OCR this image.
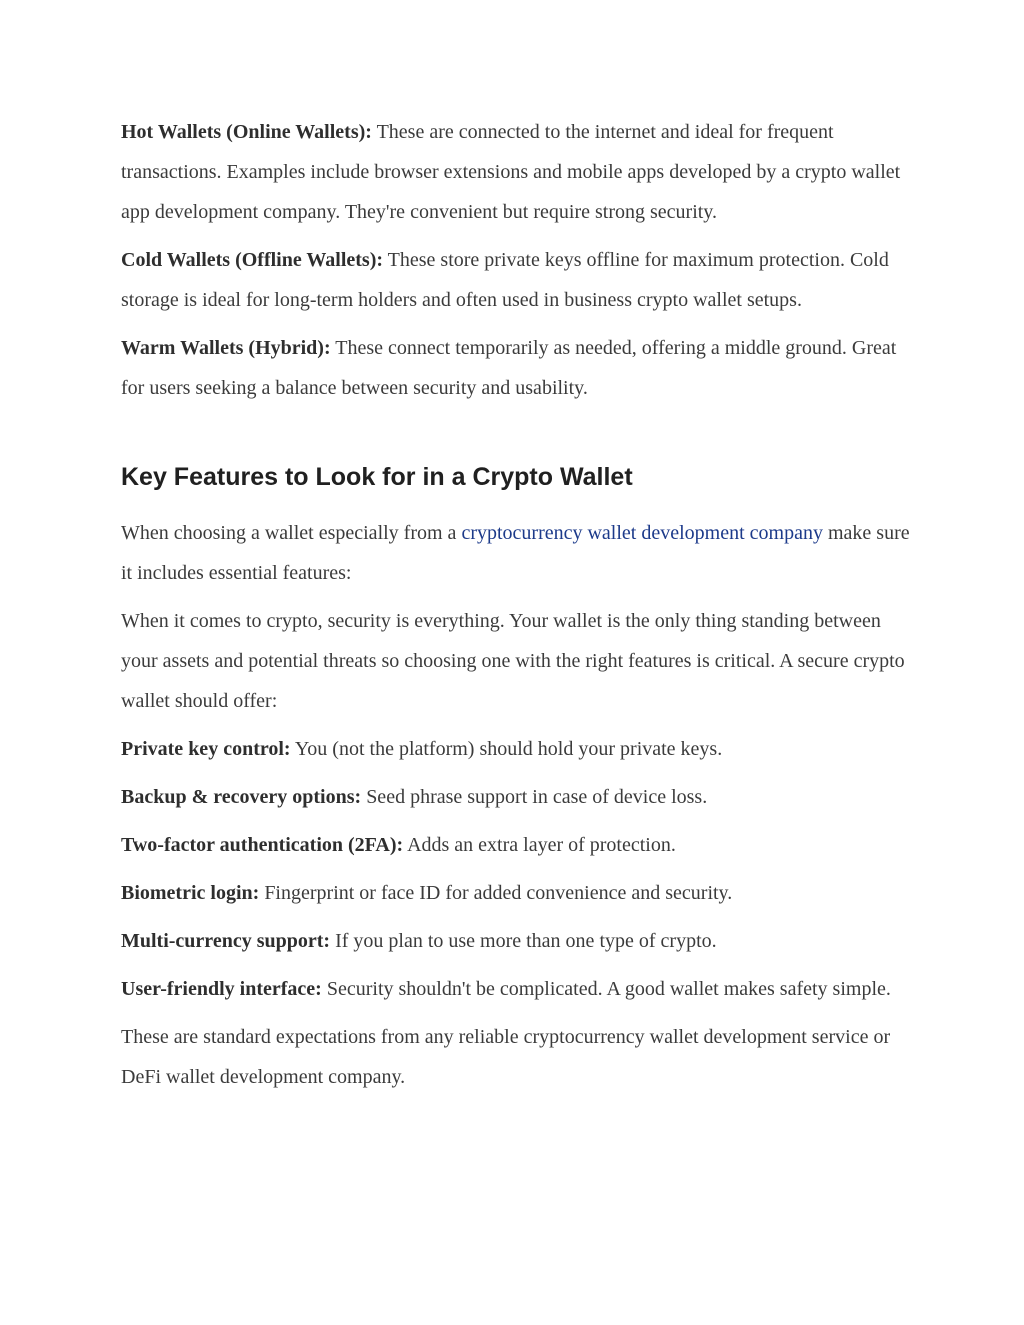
Hot Wallets (Online Wallets): These are connected to the internet and ideal for frequent transactions. Examples include browser extensions and mobile apps developed by a crypto wallet app development company. They're convenient but require strong security.

Cold Wallets (Offline Wallets): These store private keys offline for maximum protection. Cold storage is ideal for long-term holders and often used in business crypto wallet setups.

Warm Wallets (Hybrid): These connect temporarily as needed, offering a middle ground. Great for users seeking a balance between security and usability.

Key Features to Look for in a Crypto Wallet

When choosing a wallet especially from a cryptocurrency wallet development company make sure it includes essential features:

When it comes to crypto, security is everything. Your wallet is the only thing standing between your assets and potential threats so choosing one with the right features is critical. A secure crypto wallet should offer:

Private key control: You (not the platform) should hold your private keys.

Backup & recovery options: Seed phrase support in case of device loss.

Two-factor authentication (2FA): Adds an extra layer of protection.

Biometric login: Fingerprint or face ID for added convenience and security.

Multi-currency support: If you plan to use more than one type of crypto.

User-friendly interface: Security shouldn't be complicated. A good wallet makes safety simple.

These are standard expectations from any reliable cryptocurrency wallet development service or DeFi wallet development company.
